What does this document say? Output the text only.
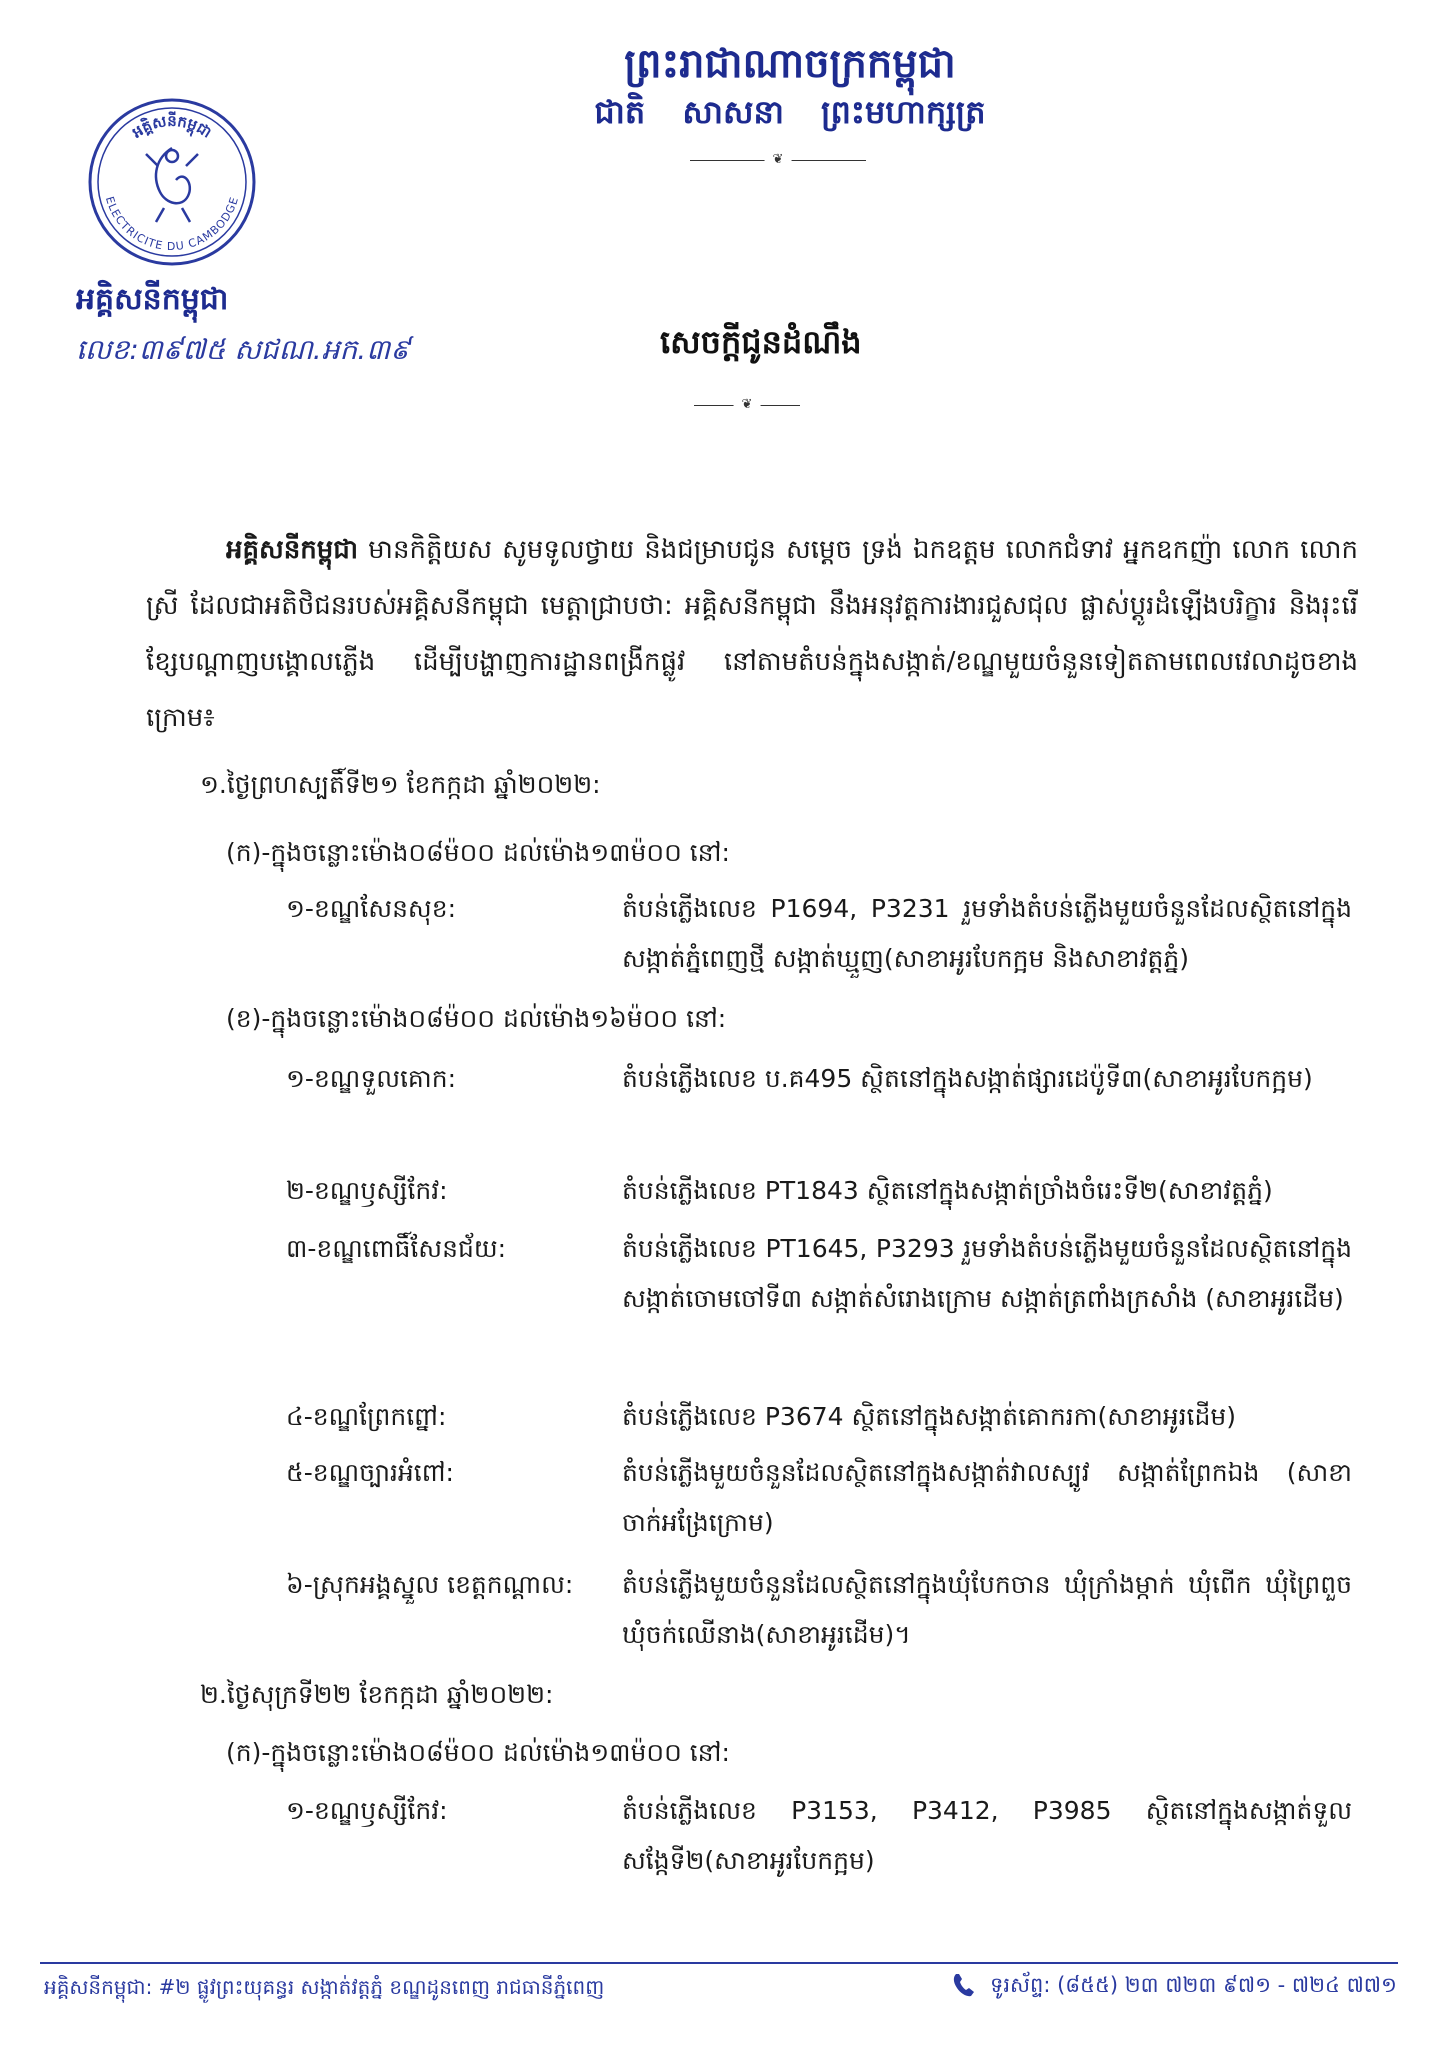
ព្រះរាជាណាចក្រកម្ពុជា
ជាតិ សាសនា ព្រះមហាក្សត្រ
❦
អគ្គិសនីកម្ពុជា
ELECTRICITE DU CAMBODGE
អគ្គិសនីកម្ពុជា
លេខ:៣៩៧៥ សជណ.អក.៣៩	សេចក្តីជូនដំណឹង
❦
អគ្គិសនីកម្ពុជា មានកិត្តិយស សូមទូលថ្វាយ និងជម្រាបជូន សម្តេច ទ្រង់ ឯកឧត្តម លោកជំទាវ អ្នកឧកញ៉ា លោក លោកស្រី ដែលជាអតិថិជនរបស់អគ្គិសនីកម្ពុជា មេត្តាជ្រាបថា: អគ្គិសនីកម្ពុជា នឹងអនុវត្តការងារជួសជុល ផ្លាស់ប្តូរដំឡើងបរិក្ខារ និងរុះរើខ្សែបណ្តាញបង្គោលភ្លើង ដើម្បីបង្ហាញការដ្ឋានពង្រីកផ្លូវ នៅតាមតំបន់ក្នុងសង្កាត់/ខណ្ឌមួយចំនួនទៀតតាមពេលវេលាដូចខាងក្រោម៖
១.ថ្ងៃព្រហស្បតិ៍ទី២១ ខែកក្កដា ឆ្នាំ២០២២:
(ក)-ក្នុងចន្លោះម៉ោង០៨ម៉០០ ដល់ម៉ោង១៣ម៉០០ នៅ:
១-ខណ្ឌសែនសុខ:	តំបន់ភ្លើងលេខ P1694, P3231 រួមទាំងតំបន់ភ្លើងមួយចំនួនដែលស្ថិតនៅក្នុងសង្កាត់ភ្នំពេញថ្មី សង្កាត់ឃ្មួញ(សាខាអូរបែកក្អម និងសាខាវត្តភ្នំ)
(ខ)-ក្នុងចន្លោះម៉ោង០៨ម៉០០ ដល់ម៉ោង១៦ម៉០០ នៅ:
១-ខណ្ឌទួលគោក:	តំបន់ភ្លើងលេខ ប.គ495 ស្ថិតនៅក្នុងសង្កាត់ផ្សារដេប៉ូទី៣(សាខាអូរបែកក្អម)
២-ខណ្ឌឫស្សីកែវ:	តំបន់ភ្លើងលេខ PT1843 ស្ថិតនៅក្នុងសង្កាត់ច្រាំងចំរេះទី២(សាខាវត្តភ្នំ)
៣-ខណ្ឌពោធិ៍សែនជ័យ:	តំបន់ភ្លើងលេខ PT1645, P3293 រួមទាំងតំបន់ភ្លើងមួយចំនួនដែលស្ថិតនៅក្នុងសង្កាត់ចោមចៅទី៣ សង្កាត់សំរោងក្រោម សង្កាត់ត្រពាំងក្រសាំង (សាខាអូរដើម)
៤-ខណ្ឌព្រែកព្នៅ:	តំបន់ភ្លើងលេខ P3674 ស្ថិតនៅក្នុងសង្កាត់គោករកា(សាខាអូរដើម)
៥-ខណ្ឌច្បារអំពៅ:	តំបន់ភ្លើងមួយចំនួនដែលស្ថិតនៅក្នុងសង្កាត់វាលស្បូវ សង្កាត់ព្រែកឯង (សាខាចាក់អង្រែក្រោម)
៦-ស្រុកអង្គស្នួល ខេត្តកណ្តាល: តំបន់ភ្លើងមួយចំនួនដែលស្ថិតនៅក្នុងឃុំបែកចាន ឃុំក្រាំងម្កាក់ ឃុំពើក ឃុំព្រៃពួច ឃុំចក់ឈើនាង(សាខាអូរដើម)។
២.ថ្ងៃសុក្រទី២២ ខែកក្កដា ឆ្នាំ២០២២:
(ក)-ក្នុងចន្លោះម៉ោង០៨ម៉០០ ដល់ម៉ោង១៣ម៉០០ នៅ:
១-ខណ្ឌឫស្សីកែវ:	តំបន់ភ្លើងលេខ P3153, P3412, P3985 ស្ថិតនៅក្នុងសង្កាត់ទួលសង្កែទី២(សាខាអូរបែកក្អម)
អគ្គិសនីកម្ពុជា: #២ ផ្លូវព្រះយុគន្ធរ សង្កាត់វត្តភ្នំ ខណ្ឌដូនពេញ រាជធានីភ្នំពេញ	ទូរស័ព្ទ: (៨៥៥) ២៣ ៧២៣ ៩៧១ - ៧២៤ ៧៧១
